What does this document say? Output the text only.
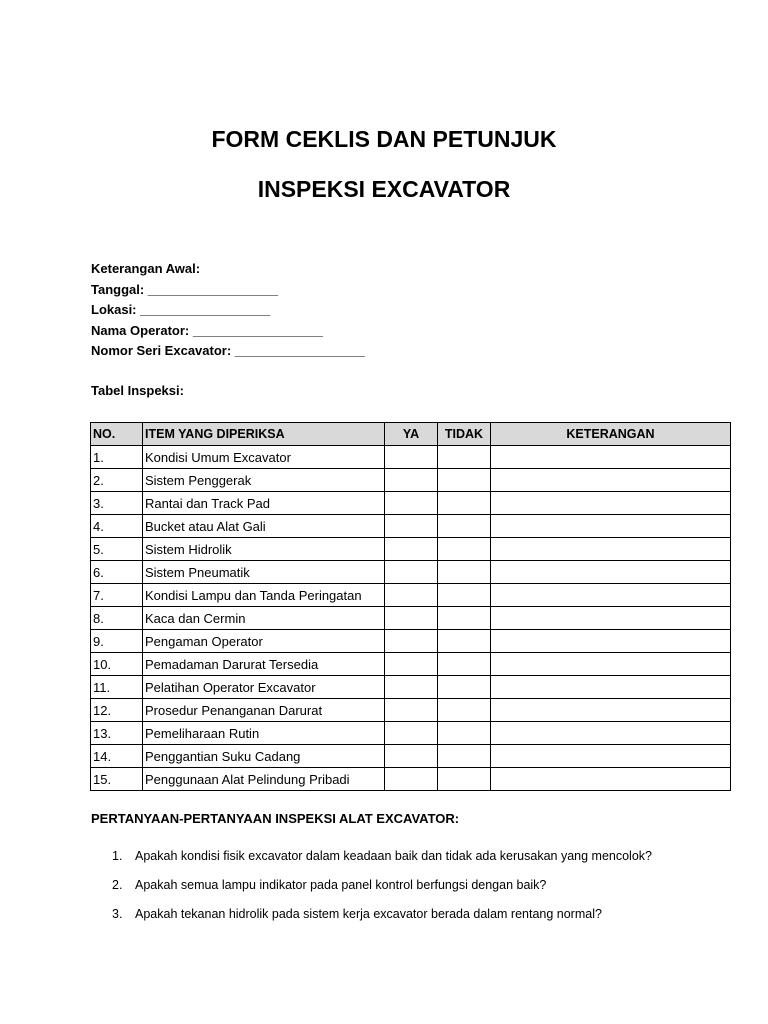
FORM CEKLIS DAN PETUNJUK
INSPEKSI EXCAVATOR
Keterangan Awal:
Tanggal: __________________
Lokasi: __________________
Nama Operator: __________________
Nomor Seri Excavator: __________________
Tabel Inspeksi:
NO.	ITEM YANG DIPERIKSA	YA	TIDAK	KETERANGAN
1.	Kondisi Umum Excavator			
2.	Sistem Penggerak			
3.	Rantai dan Track Pad			
4.	Bucket atau Alat Gali			
5.	Sistem Hidrolik			
6.	Sistem Pneumatik			
7.	Kondisi Lampu dan Tanda Peringatan			
8.	Kaca dan Cermin			
9.	Pengaman Operator			
10.	Pemadaman Darurat Tersedia			
11.	Pelatihan Operator Excavator			
12.	Prosedur Penanganan Darurat			
13.	Pemeliharaan Rutin			
14.	Penggantian Suku Cadang			
15.	Penggunaan Alat Pelindung Pribadi			
PERTANYAAN-PERTANYAAN INSPEKSI ALAT EXCAVATOR:
1.	Apakah kondisi fisik excavator dalam keadaan baik dan tidak ada kerusakan yang mencolok?
2.	Apakah semua lampu indikator pada panel kontrol berfungsi dengan baik?
3.	Apakah tekanan hidrolik pada sistem kerja excavator berada dalam rentang normal?
